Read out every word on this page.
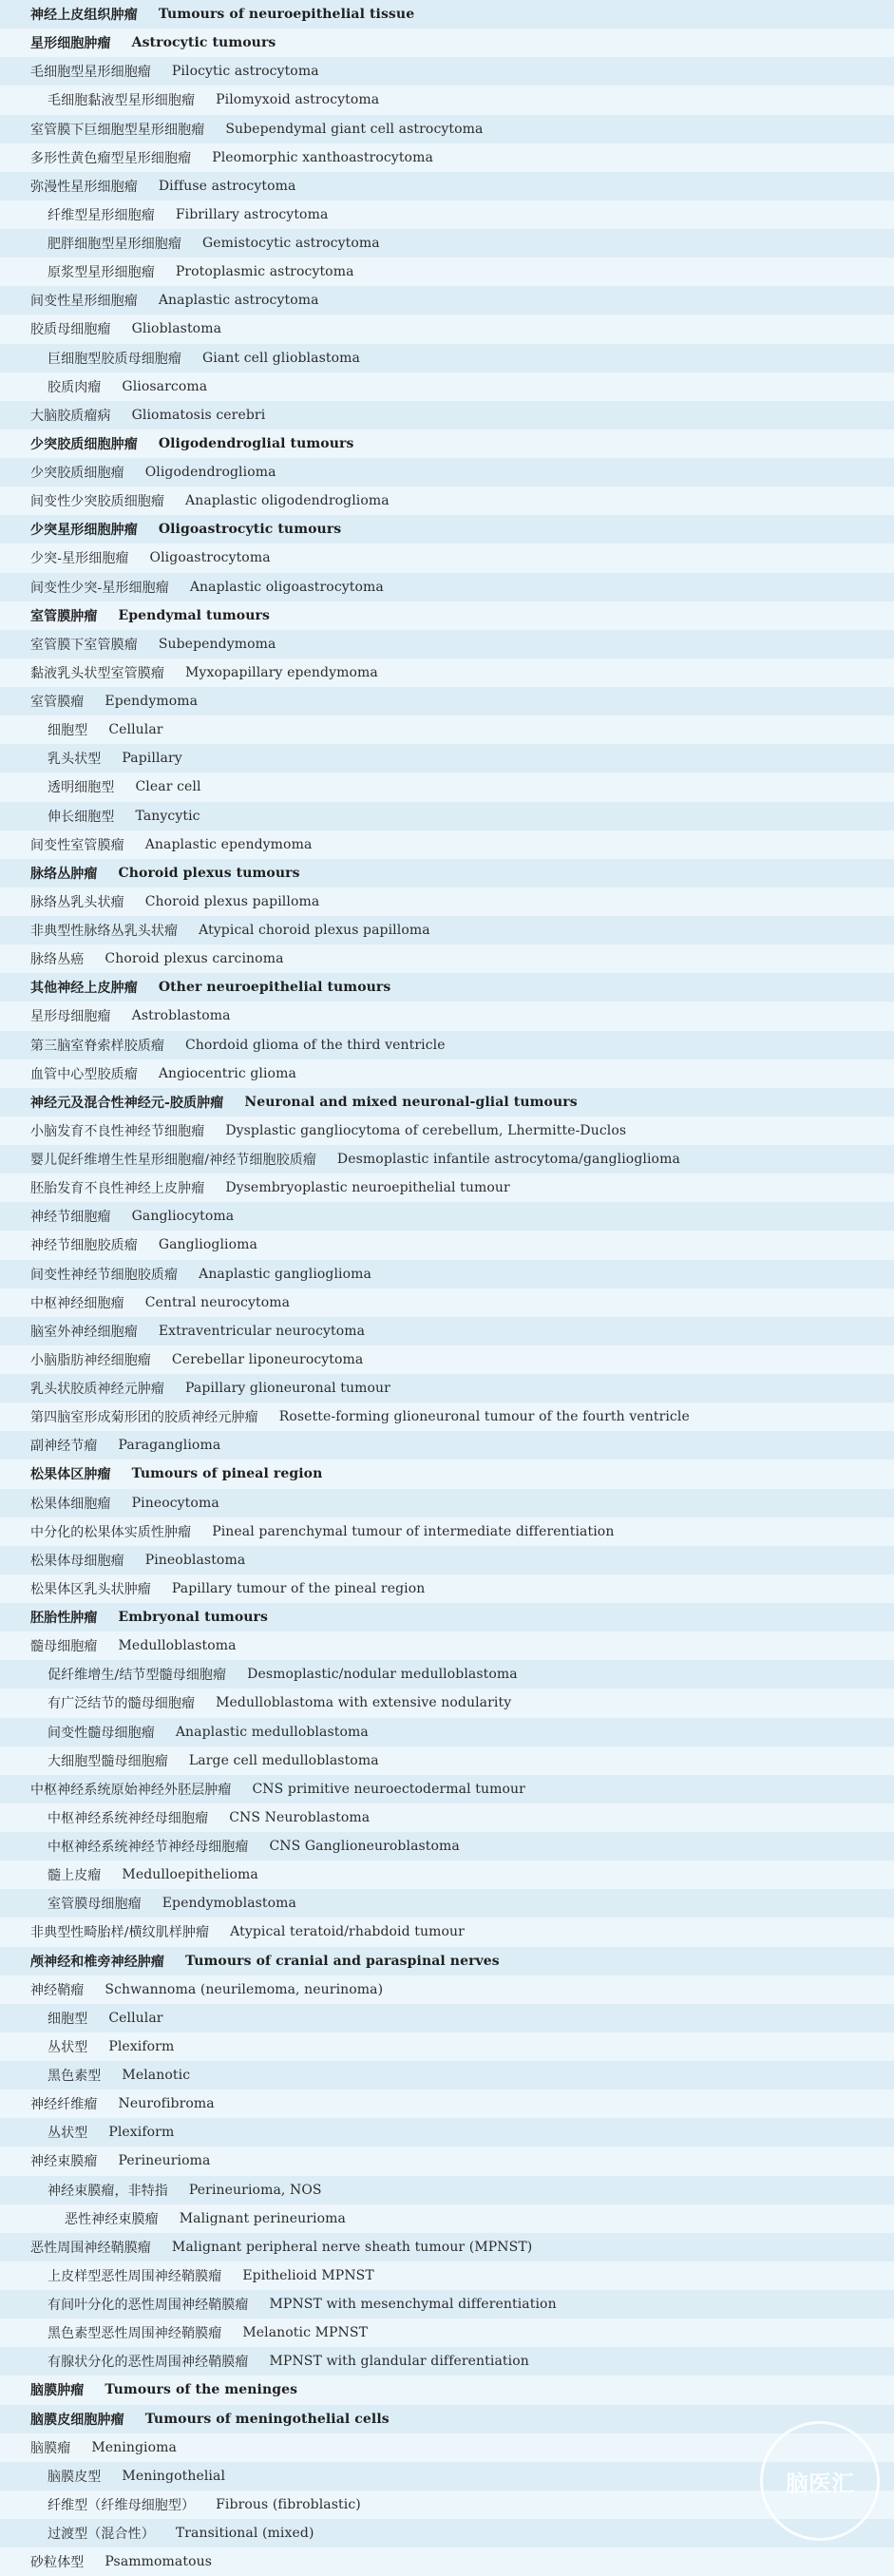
神经上皮组织肿瘤 Tumours of neuroepithelial tissue
星形细胞肿瘤 Astrocytic tumours
毛细胞型星形细胞瘤 Pilocytic astrocytoma
毛细胞黏液型星形细胞瘤 Pilomyxoid astrocytoma
室管膜下巨细胞型星形细胞瘤 Subependymal giant cell astrocytoma
多形性黄色瘤型星形细胞瘤 Pleomorphic xanthoastrocytoma
弥漫性星形细胞瘤 Diffuse astrocytoma
纤维型星形细胞瘤 Fibrillary astrocytoma
肥胖细胞型星形细胞瘤 Gemistocytic astrocytoma
原浆型星形细胞瘤 Protoplasmic astrocytoma
间变性星形细胞瘤 Anaplastic astrocytoma
胶质母细胞瘤 Glioblastoma
巨细胞型胶质母细胞瘤 Giant cell glioblastoma
胶质肉瘤 Gliosarcoma
大脑胶质瘤病 Gliomatosis cerebri
少突胶质细胞肿瘤 Oligodendroglial tumours
少突胶质细胞瘤 Oligodendroglioma
间变性少突胶质细胞瘤 Anaplastic oligodendroglioma
少突星形细胞肿瘤 Oligoastrocytic tumours
少突-星形细胞瘤 Oligoastrocytoma
间变性少突-星形细胞瘤 Anaplastic oligoastrocytoma
室管膜肿瘤 Ependymal tumours
室管膜下室管膜瘤 Subependymoma
黏液乳头状型室管膜瘤 Myxopapillary ependymoma
室管膜瘤 Ependymoma
细胞型 Cellular
乳头状型 Papillary
透明细胞型 Clear cell
伸长细胞型 Tanycytic
间变性室管膜瘤 Anaplastic ependymoma
脉络丛肿瘤 Choroid plexus tumours
脉络丛乳头状瘤 Choroid plexus papilloma
非典型性脉络丛乳头状瘤 Atypical choroid plexus papilloma
脉络丛癌 Choroid plexus carcinoma
其他神经上皮肿瘤 Other neuroepithelial tumours
星形母细胞瘤 Astroblastoma
第三脑室脊索样胶质瘤 Chordoid glioma of the third ventricle
血管中心型胶质瘤 Angiocentric glioma
神经元及混合性神经元-胶质肿瘤 Neuronal and mixed neuronal-glial tumours
小脑发育不良性神经节细胞瘤 Dysplastic gangliocytoma of cerebellum, Lhermitte-Duclos
婴儿促纤维增生性星形细胞瘤/神经节细胞胶质瘤 Desmoplastic infantile astrocytoma/ganglioglioma
胚胎发育不良性神经上皮肿瘤 Dysembryoplastic neuroepithelial tumour
神经节细胞瘤 Gangliocytoma
神经节细胞胶质瘤 Ganglioglioma
间变性神经节细胞胶质瘤 Anaplastic ganglioglioma
中枢神经细胞瘤 Central neurocytoma
脑室外神经细胞瘤 Extraventricular neurocytoma
小脑脂肪神经细胞瘤 Cerebellar liponeurocytoma
乳头状胶质神经元肿瘤 Papillary glioneuronal tumour
第四脑室形成菊形团的胶质神经元肿瘤 Rosette-forming glioneuronal tumour of the fourth ventricle
副神经节瘤 Paraganglioma
松果体区肿瘤 Tumours of pineal region
松果体细胞瘤 Pineocytoma
中分化的松果体实质性肿瘤 Pineal parenchymal tumour of intermediate differentiation
松果体母细胞瘤 Pineoblastoma
松果体区乳头状肿瘤 Papillary tumour of the pineal region
胚胎性肿瘤 Embryonal tumours
髓母细胞瘤 Medulloblastoma
促纤维增生/结节型髓母细胞瘤 Desmoplastic/nodular medulloblastoma
有广泛结节的髓母细胞瘤 Medulloblastoma with extensive nodularity
间变性髓母细胞瘤 Anaplastic medulloblastoma
大细胞型髓母细胞瘤 Large cell medulloblastoma
中枢神经系统原始神经外胚层肿瘤 CNS primitive neuroectodermal tumour
中枢神经系统神经母细胞瘤 CNS Neuroblastoma
中枢神经系统神经节神经母细胞瘤 CNS Ganglioneuroblastoma
髓上皮瘤 Medulloepithelioma
室管膜母细胞瘤 Ependymoblastoma
非典型性畸胎样/横纹肌样肿瘤 Atypical teratoid/rhabdoid tumour
颅神经和椎旁神经肿瘤 Tumours of cranial and paraspinal nerves
神经鞘瘤 Schwannoma (neurilemoma, neurinoma)
细胞型 Cellular
丛状型 Plexiform
黑色素型 Melanotic
神经纤维瘤 Neurofibroma
丛状型 Plexiform
神经束膜瘤 Perineurioma
神经束膜瘤，非特指 Perineurioma, NOS
恶性神经束膜瘤 Malignant perineurioma
恶性周围神经鞘膜瘤 Malignant peripheral nerve sheath tumour (MPNST)
上皮样型恶性周围神经鞘膜瘤 Epithelioid MPNST
有间叶分化的恶性周围神经鞘膜瘤 MPNST with mesenchymal differentiation
黑色素型恶性周围神经鞘膜瘤 Melanotic MPNST
有腺状分化的恶性周围神经鞘膜瘤 MPNST with glandular differentiation
脑膜肿瘤 Tumours of the meninges
脑膜皮细胞肿瘤 Tumours of meningothelial cells
脑膜瘤 Meningioma
脑膜皮型 Meningothelial
纤维型（纤维母细胞型） Fibrous (fibroblastic)
过渡型（混合性） Transitional (mixed)
砂粒体型 Psammomatous
脑医汇
